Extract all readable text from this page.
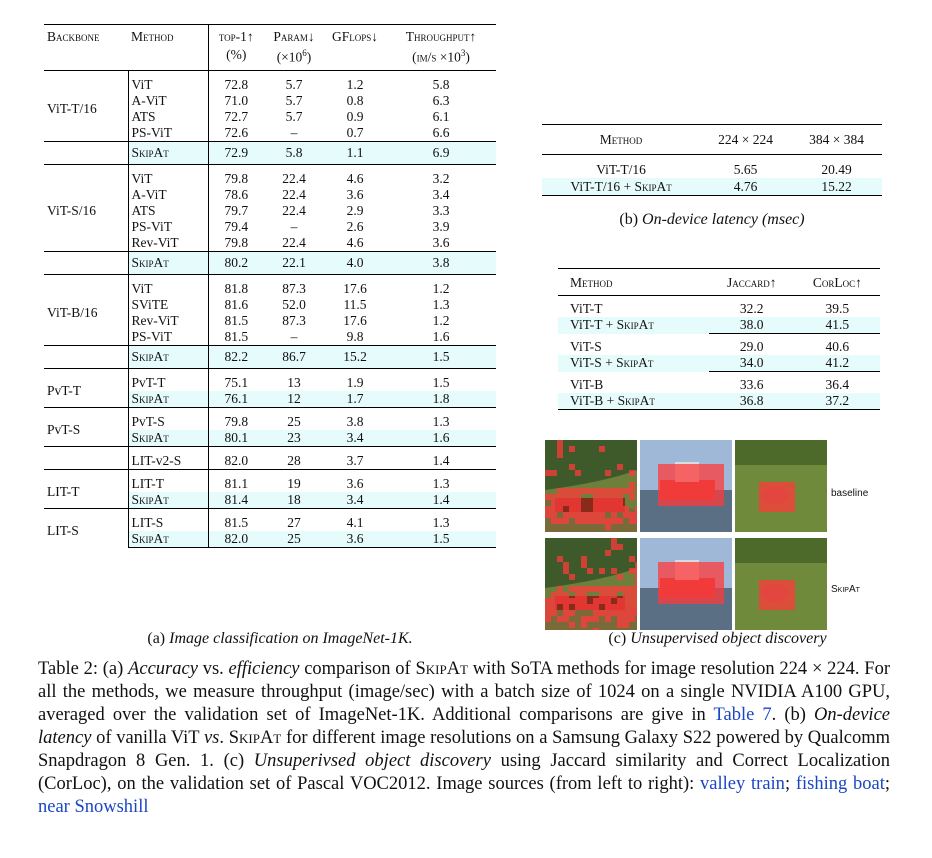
Backbone	Method	top-1↑	Param↓	GFlops↓	Throughput↑
		(%)	$(\times 10^6)$		$(im/s \times 10^3)$
ViT-T/16	ViT	72.8	5.7	1.2	5.8
	A-ViT	71.0	5.7	0.8	6.3
	ATS	72.7	5.7	0.9	6.1
	PS-ViT	72.6	–	0.7	6.6
	SkipAt	72.9	5.8	1.1	6.9
ViT-S/16	ViT	79.8	22.4	4.6	3.2
	A-ViT	78.6	22.4	3.6	3.4
	ATS	79.7	22.4	2.9	3.3
	PS-ViT	79.4	–	2.6	3.9
	Rev-ViT	79.8	22.4	4.6	3.6
	SkipAt	80.2	22.1	4.0	3.8
ViT-B/16	ViT	81.8	87.3	17.6	1.2
	SViTE	81.6	52.0	11.5	1.3
	Rev-ViT	81.5	87.3	17.6	1.2
	PS-ViT	81.5	–	9.8	1.6
	SkipAt	82.2	86.7	15.2	1.5
PvT-T	PvT-T	75.1	13	1.9	1.5
	SkipAt	76.1	12	1.7	1.8
PvT-S	PvT-S	79.8	25	3.8	1.3
	SkipAt	80.1	23	3.4	1.6
	LIT-v2-S	82.0	28	3.7	1.4
LIT-T	LIT-T	81.1	19	3.6	1.3
	SkipAt	81.4	18	3.4	1.4
LIT-S	LIT-S	81.5	27	4.1	1.3
	SkipAt	82.0	25	3.6	1.5
(a) Image classification on ImageNet-1K.
Method	224 × 224	384 × 384
ViT-T/16	5.65	20.49
ViT-T/16 + SkipAt	4.76	15.22
(b) On-device latency (msec)
Method	Jaccard↑	CorLoc↑
ViT-T	32.2	39.5
ViT-T + SkipAt	38.0	41.5
ViT-S	29.0	40.6
ViT-S + SkipAt	34.0	41.2
ViT-B	33.6	36.4
ViT-B + SkipAt	36.8	37.2
baseline
SkipAt
(c) Unsupervised object discovery
Table 2: (a) Accuracy vs. efficiency comparison of SkipAt with SoTA methods for image resolution 224 × 224. For all the methods, we measure throughput (image/sec) with a batch size of 1024 on a single NVIDIA A100 GPU, averaged over the validation set of ImageNet-1K. Additional comparisons are give in Table 7. (b) On-device latency of vanilla ViT vs. SkipAt for different image resolutions on a Samsung Galaxy S22 powered by Qualcomm Snapdragon 8 Gen. 1. (c) Unsuperivsed object discovery using Jaccard similarity and Correct Localization (CorLoc), on the validation set of Pascal VOC2012. Image sources (from left to right): valley train; fishing boat; near Snowshill
